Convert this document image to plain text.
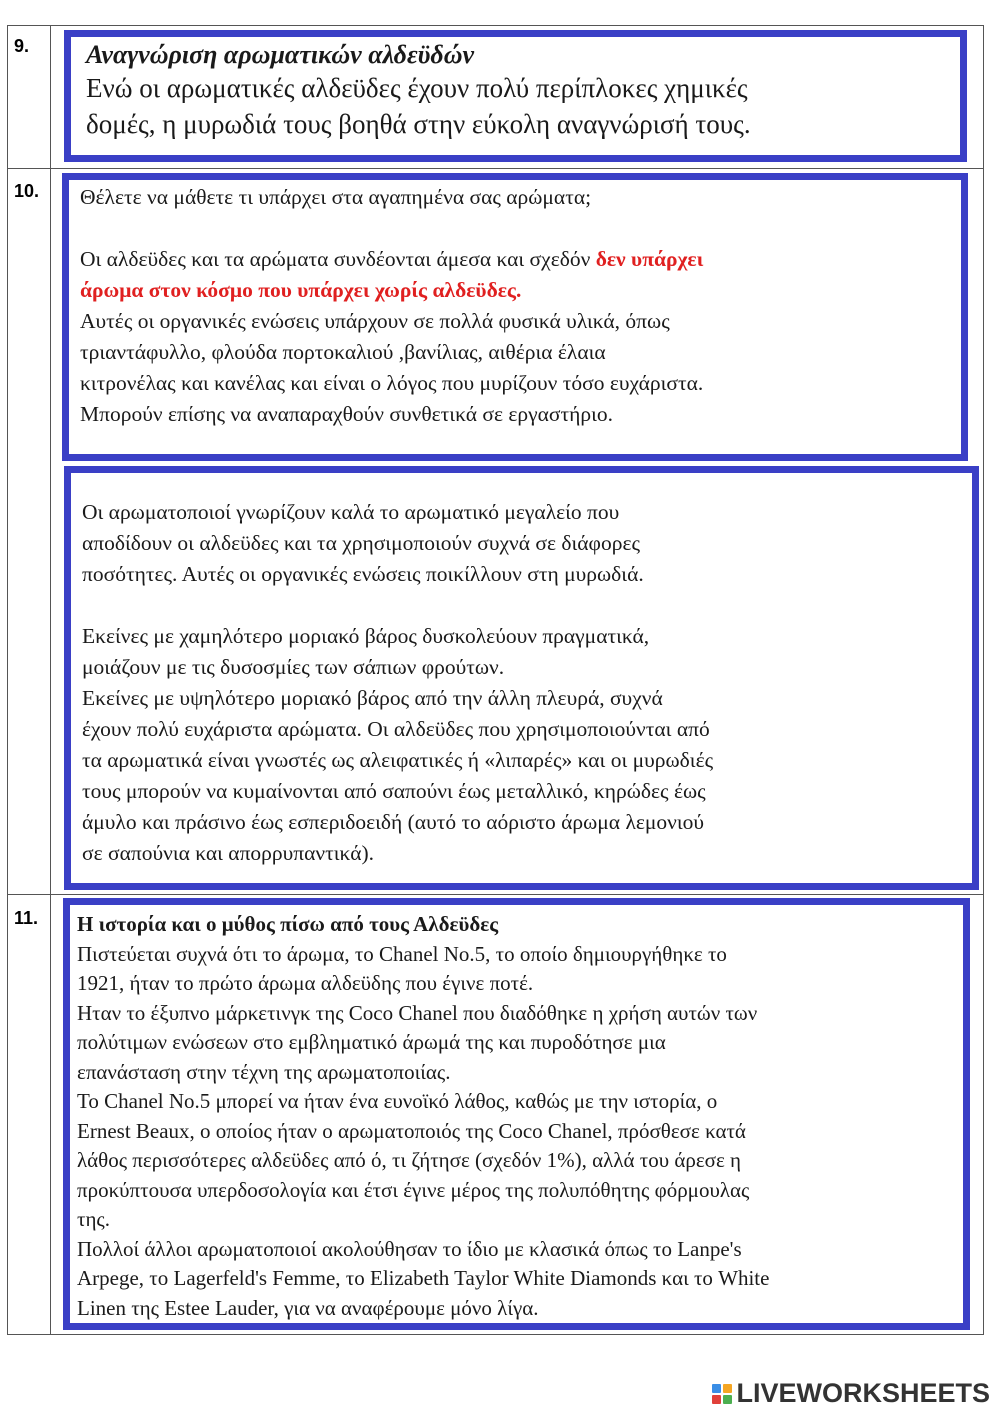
9.
10.
11.

Αναγνώριση αρωματικών αλδεϋδών

Ενώ οι αρωματικές αλδεϋδες έχουν πολύ περίπλοκες χημικές

δομές, η μυρωδιά τους βοηθά στην εύκολη αναγνώρισή τους.

Θέλετε να μάθετε τι υπάρχει στα αγαπημένα σας αρώματα;

Οι αλδεϋδες και τα αρώματα συνδέονται άμεσα και σχεδόν δεν υπάρχει

άρωμα στον κόσμο που υπάρχει χωρίς αλδεϋδες.

Αυτές οι οργανικές ενώσεις υπάρχουν σε πολλά φυσικά υλικά, όπως

τριαντάφυλλο, φλούδα πορτοκαλιού ,βανίλιας, αιθέρια έλαια

κιτρονέλας και κανέλας και είναι ο λόγος που μυρίζουν τόσο ευχάριστα.

Μπορούν επίσης να αναπαραχθούν συνθετικά σε εργαστήριο.

Οι αρωματοποιοί γνωρίζουν καλά το αρωματικό μεγαλείο που

αποδίδουν οι αλδεϋδες και τα χρησιμοποιούν συχνά σε διάφορες

ποσότητες. Αυτές οι οργανικές ενώσεις ποικίλλουν στη μυρωδιά.

Εκείνες με χαμηλότερο μοριακό βάρος δυσκολεύουν πραγματικά,

μοιάζουν με τις δυσοσμίες των σάπιων φρούτων.

Εκείνες με υψηλότερο μοριακό βάρος από την άλλη πλευρά, συχνά

έχουν πολύ ευχάριστα αρώματα. Οι αλδεϋδες που χρησιμοποιούνται από

τα αρωματικά είναι γνωστές ως αλειφατικές ή «λιπαρές» και οι μυρωδιές

τους μπορούν να κυμαίνονται από σαπούνι έως μεταλλικό, κηρώδες έως

άμυλο και πράσινο έως εσπεριδοειδή (αυτό το αόριστο άρωμα λεμονιού

σε σαπούνια και απορρυπαντικά).

Η ιστορία και ο μύθος πίσω από τους Αλδεϋδες

Πιστεύεται συχνά ότι το άρωμα, το Chanel No.5, το οποίο δημιουργήθηκε το

1921, ήταν το πρώτο άρωμα αλδεϋδης που έγινε ποτέ.

Ηταν το έξυπνο μάρκετινγκ της Coco Chanel που διαδόθηκε η χρήση αυτών των

πολύτιμων ενώσεων στο εμβληματικό άρωμά της και πυροδότησε μια

επανάσταση στην τέχνη της αρωματοποιίας.

Το Chanel No.5 μπορεί να ήταν ένα ευνοϊκό λάθος, καθώς με την ιστορία, ο

Ernest Beaux, ο οποίος ήταν ο αρωματοποιός της Coco Chanel, πρόσθεσε κατά

λάθος περισσότερες αλδεϋδες από ό, τι ζήτησε (σχεδόν 1%), αλλά του άρεσε η

προκύπτουσα υπερδοσολογία και έτσι έγινε μέρος της πολυπόθητης φόρμουλας

της.

Πολλοί άλλοι αρωματοποιοί ακολούθησαν το ίδιο με κλασικά όπως το Lanpe's

Arpege, το Lagerfeld's Femme, το Elizabeth Taylor White Diamonds και το White

Linen της Estee Lauder, για να αναφέρουμε μόνο λίγα.

LIVEWORKSHEETS
